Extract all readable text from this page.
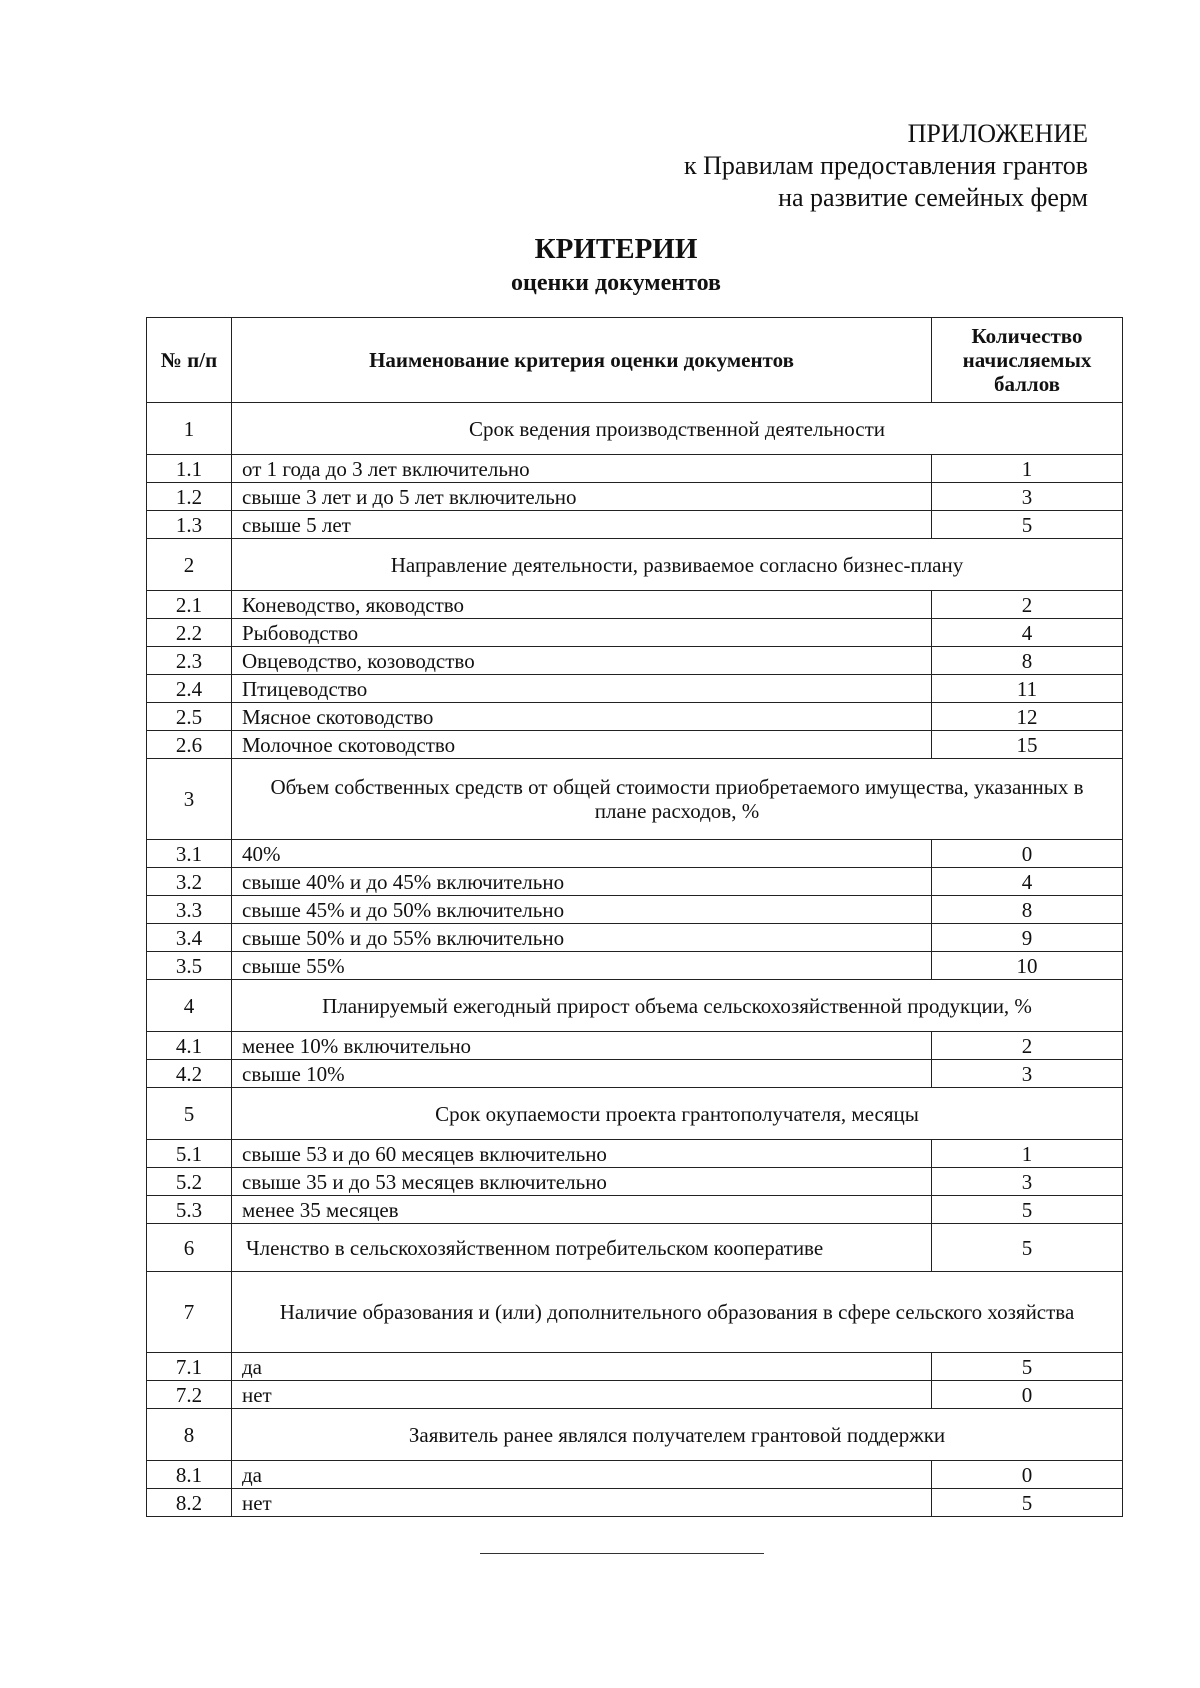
ПРИЛОЖЕНИЕ
к Правилам предоставления грантов
на развитие семейных ферм
КРИТЕРИИ
оценки документов
№ п/п	Наименование критерия оценки документов	Количество начисляемых баллов
1	Срок ведения производственной деятельности	
1.1	от 1 года до 3 лет включительно	1
1.2	свыше 3 лет и до 5 лет включительно	3
1.3	свыше 5 лет	5
2	Направление деятельности, развиваемое согласно бизнес-плану	
2.1	Коневодство, яководство	2
2.2	Рыбоводство	4
2.3	Овцеводство, козоводство	8
2.4	Птицеводство	11
2.5	Мясное скотоводство	12
2.6	Молочное скотоводство	15
3	Объем собственных средств от общей стоимости приобретаемого имущества, указанных в плане расходов, %	
3.1	40%	0
3.2	свыше 40% и до 45% включительно	4
3.3	свыше 45% и до 50% включительно	8
3.4	свыше 50% и до 55% включительно	9
3.5	свыше 55%	10
4	Планируемый ежегодный прирост объема сельскохозяйственной продукции, %	
4.1	менее 10% включительно	2
4.2	свыше 10%	3
5	Срок окупаемости проекта грантополучателя, месяцы	
5.1	свыше 53 и до 60 месяцев включительно	1
5.2	свыше 35 и до 53 месяцев включительно	3
5.3	менее 35 месяцев	5
6	Членство в сельскохозяйственном потребительском кооперативе	5
7	Наличие образования и (или) дополнительного образования в сфере сельского хозяйства	
7.1	да	5
7.2	нет	0
8	Заявитель ранее являлся получателем грантовой поддержки	
8.1	да	0
8.2	нет	5
